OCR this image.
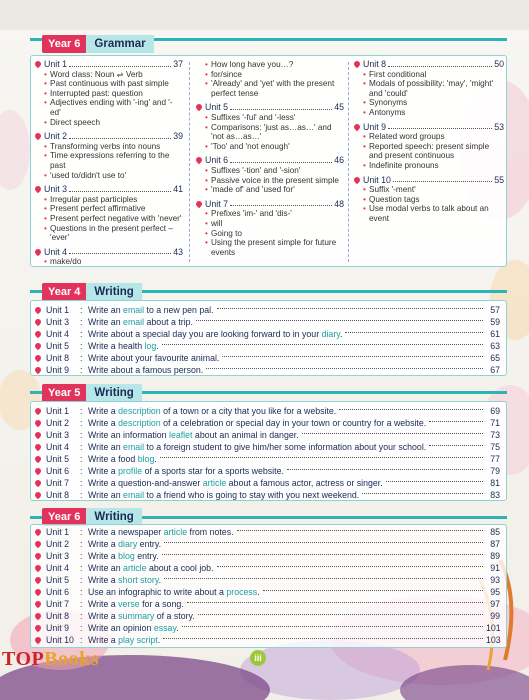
Year 6	Grammar
Unit 1	37
• Word class: Noun ⇌ Verb
• Past continuous with past simple
• Interrupted past: question
• Adjectives ending with '-ing' and '-ed'
• Direct speech
Unit 2	39
• Transforming verbs into nouns
• Time expressions referring to the past
• 'used to/didn't use to'
Unit 3	41
• Irregular past participles
• Present perfect affirmative
• Present perfect negative with 'never'
• Questions in the present perfect – 'ever'
Unit 4	43
• make/do
• How long have you…?
• for/since
• 'Already' and 'yet' with the present perfect tense
Unit 5	45
• Suffixes '-ful' and '-less'
• Comparisons: 'just as…as…' and 'not as…as…'
• 'Too' and 'not enough'
Unit 6	46
• Suffixes '-tion' and '-sion'
• Passive voice in the present simple
• 'made of' and 'used for'
Unit 7	48
• Prefixes 'im-' and 'dis-'
• will
• Going to
• Using the present simple for future events
Unit 8	50
• First conditional
• Modals of possibility: 'may', 'might' and 'could'
• Synonyms
• Antonyms
Unit 9	53
• Related word groups
• Reported speech: present simple and present continuous
• Indefinite pronouns
Unit 10	55
• Suffix '-ment'
• Question tags
• Use modal verbs to talk about an event
Year 4	Writing
Unit 1	: Write an email to a new pen pal.	57
Unit 3	: Write an email about a trip.	59
Unit 4	: Write about a special day you are looking forward to in your diary.	61
Unit 5	: Write a health log.	63
Unit 8	: Write about your favourite animal.	65
Unit 9	: Write about a famous person.	67
Year 5	Writing
Unit 1	: Write a description of a town or a city that you like for a website.	69
Unit 2	: Write a description of a celebration or special day in your town or country for a website.	71
Unit 3	: Write an information leaflet about an animal in danger.	73
Unit 4	: Write an email to a foreign student to give him/her some information about your school.	75
Unit 5	: Write a food blog.	77
Unit 6	: Write a profile of a sports star for a sports website.	79
Unit 7	: Write a question-and-answer article about a famous actor, actress or singer.	81
Unit 8	: Write an email to a friend who is going to stay with you next weekend.	83
Year 6	Writing
Unit 1	: Write a newspaper article from notes.	85
Unit 2	: Write a diary entry.	87
Unit 3	: Write a blog entry.	89
Unit 4	: Write an article about a cool job.	91
Unit 5	: Write a short story.	93
Unit 6	: Use an infographic to write about a process.	95
Unit 7	: Write a verse for a song.	97
Unit 8	: Write a summary of a story.	99
Unit 9	: Write an opinion essay.	101
Unit 10 : Write a play script.	103
TOPBooks	iii
